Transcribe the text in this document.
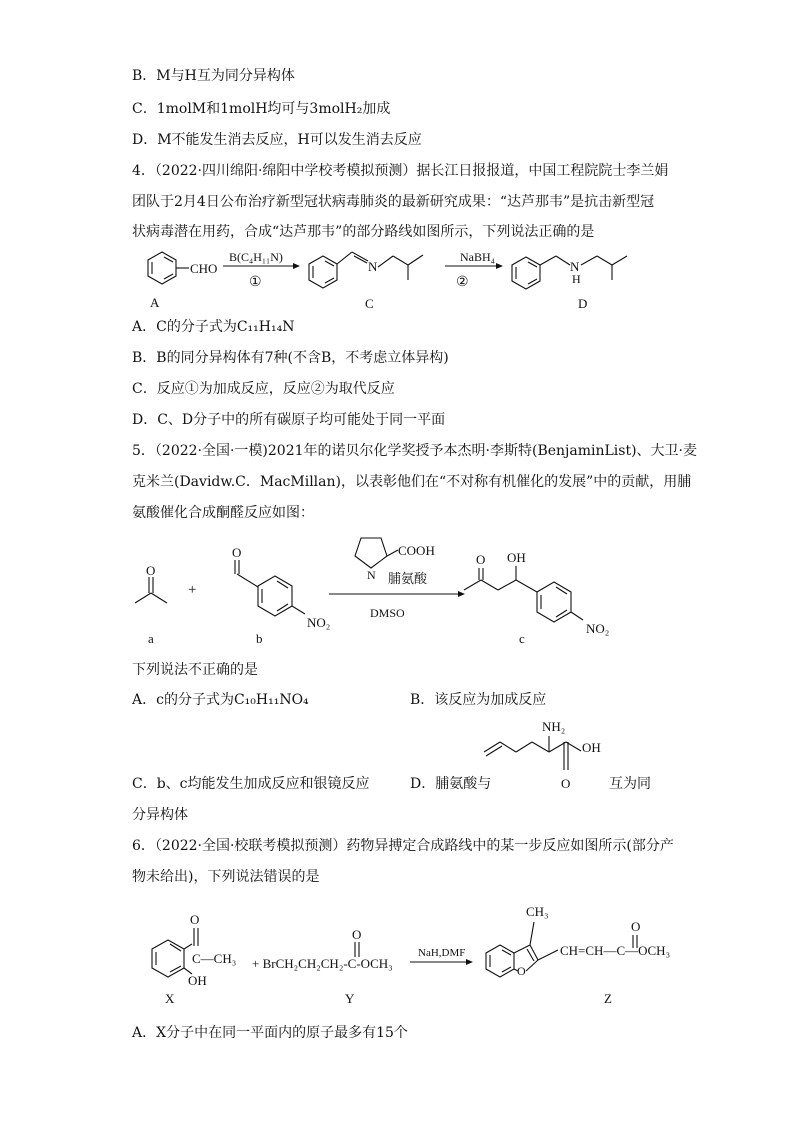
B．M与H互为同分异构体
C．1molM和1molH均可与3molH₂加成
D．M不能发生消去反应，H可以发生消去反应
4．（2022·四川绵阳·绵阳中学校考模拟预测）据长江日报报道，中国工程院院士李兰娟
团队于2月4日公布治疗新型冠状病毒肺炎的最新研究成果：“达芦那韦”是抗击新型冠
状病毒潜在用药，合成“达芦那韦”的部分路线如图所示，下列说法正确的是
CHO
B(C₄H₁₁N)
①
N
NaBH₄
②
N
H
A	C	D
O
+
O
NO₂
COOH
N 脯氨酸
DMSO
O OH
NO₂
a	b	c
NH₂
OH
O
C—CH₃
O
OH
+ BrCH₂CH₂CH₂-C-OCH₃
O
NaH,DMF
O
CH₃
CH=CH—C—OCH₃
O
X	Y	Z
A．C的分子式为C₁₁H₁₄N
B．B的同分异构体有7种(不含B，不考虑立体异构)
C．反应①为加成反应，反应②为取代反应
D．C、D分子中的所有碳原子均可能处于同一平面
5．（2022·全国·一模)2021年的诺贝尔化学奖授予本杰明·李斯特(BenjaminList)、大卫·麦
克米兰(Davidw.C．MacMillan)，以表彰他们在“不对称有机催化的发展”中的贡献，用脯
氨酸催化合成酮醛反应如图：
下列说法不正确的是
A．c的分子式为C₁₀H₁₁NO₄	B．该反应为加成反应
C．b、c均能发生加成反应和银镜反应	D．脯氨酸与	互为同
分异构体
6．（2022·全国·校联考模拟预测）药物异搏定合成路线中的某一步反应如图所示(部分产
物未给出)，下列说法错误的是
A．X分子中在同一平面内的原子最多有15个
